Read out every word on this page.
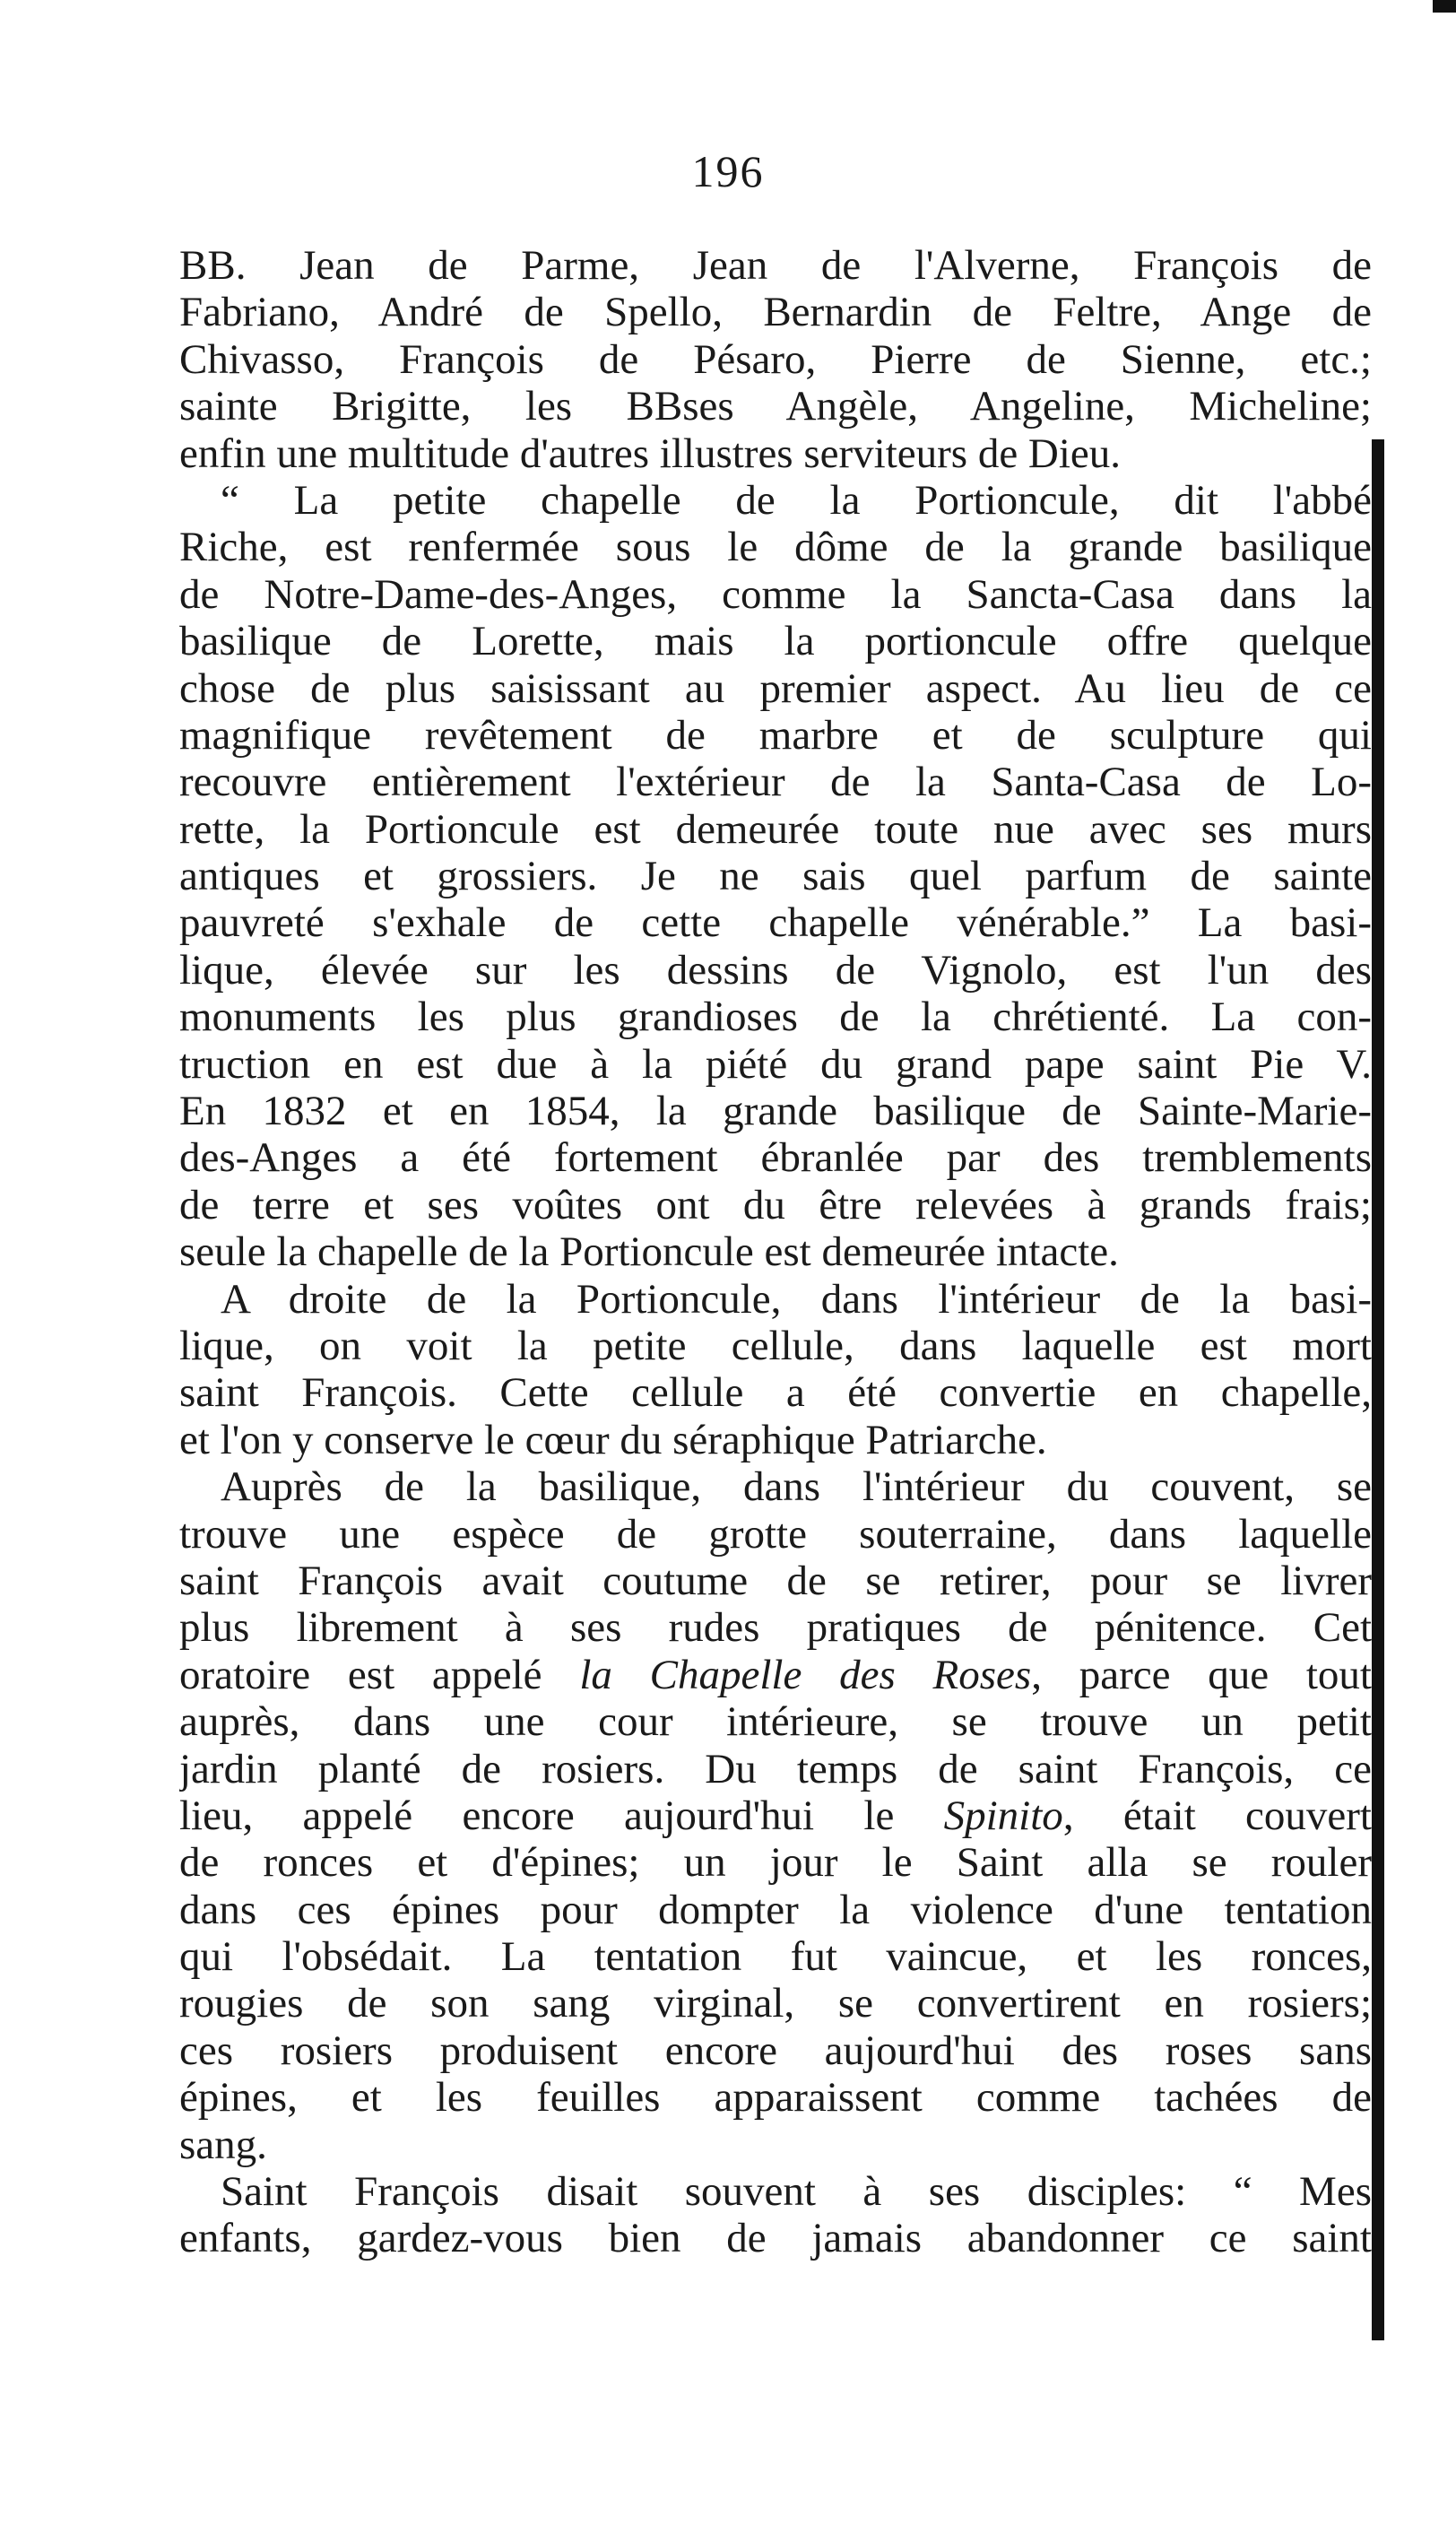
196
BB. Jean de Parme, Jean de l'Alverne, François de
Fabriano, André de Spello, Bernardin de Feltre, Ange de
Chivasso, François de Pésaro, Pierre de Sienne, etc.;
sainte Brigitte, les BBses Angèle, Angeline, Micheline;
enfin une multitude d'autres illustres serviteurs de Dieu.
“ La petite chapelle de la Portioncule, dit l'abbé
Riche, est renfermée sous le dôme de la grande basilique
de Notre-Dame-des-Anges, comme la Sancta-Casa dans la
basilique de Lorette, mais la portioncule offre quelque
chose de plus saisissant au premier aspect. Au lieu de ce
magnifique revêtement de marbre et de sculpture qui
recouvre entièrement l'extérieur de la Santa-Casa de Lo-
rette, la Portioncule est demeurée toute nue avec ses murs
antiques et grossiers. Je ne sais quel parfum de sainte
pauvreté s'exhale de cette chapelle vénérable.” La basi-
lique, élevée sur les dessins de Vignolo, est l'un des
monuments les plus grandioses de la chrétienté. La con-
truction en est due à la piété du grand pape saint Pie V.
En 1832 et en 1854, la grande basilique de Sainte-Marie-
des-Anges a été fortement ébranlée par des tremblements
de terre et ses voûtes ont du être relevées à grands frais;
seule la chapelle de la Portioncule est demeurée intacte.
A droite de la Portioncule, dans l'intérieur de la basi-
lique, on voit la petite cellule, dans laquelle est mort
saint François. Cette cellule a été convertie en chapelle,
et l'on y conserve le cœur du séraphique Patriarche.
Auprès de la basilique, dans l'intérieur du couvent, se
trouve une espèce de grotte souterraine, dans laquelle
saint François avait coutume de se retirer, pour se livrer
plus librement à ses rudes pratiques de pénitence. Cet
oratoire est appelé la Chapelle des Roses, parce que tout
auprès, dans une cour intérieure, se trouve un petit
jardin planté de rosiers. Du temps de saint François, ce
lieu, appelé encore aujourd'hui le Spinito, était couvert
de ronces et d'épines; un jour le Saint alla se rouler
dans ces épines pour dompter la violence d'une tentation
qui l'obsédait. La tentation fut vaincue, et les ronces,
rougies de son sang virginal, se convertirent en rosiers;
ces rosiers produisent encore aujourd'hui des roses sans
épines, et les feuilles apparaissent comme tachées de
sang.
Saint François disait souvent à ses disciples: “ Mes
enfants, gardez-vous bien de jamais abandonner ce saint
